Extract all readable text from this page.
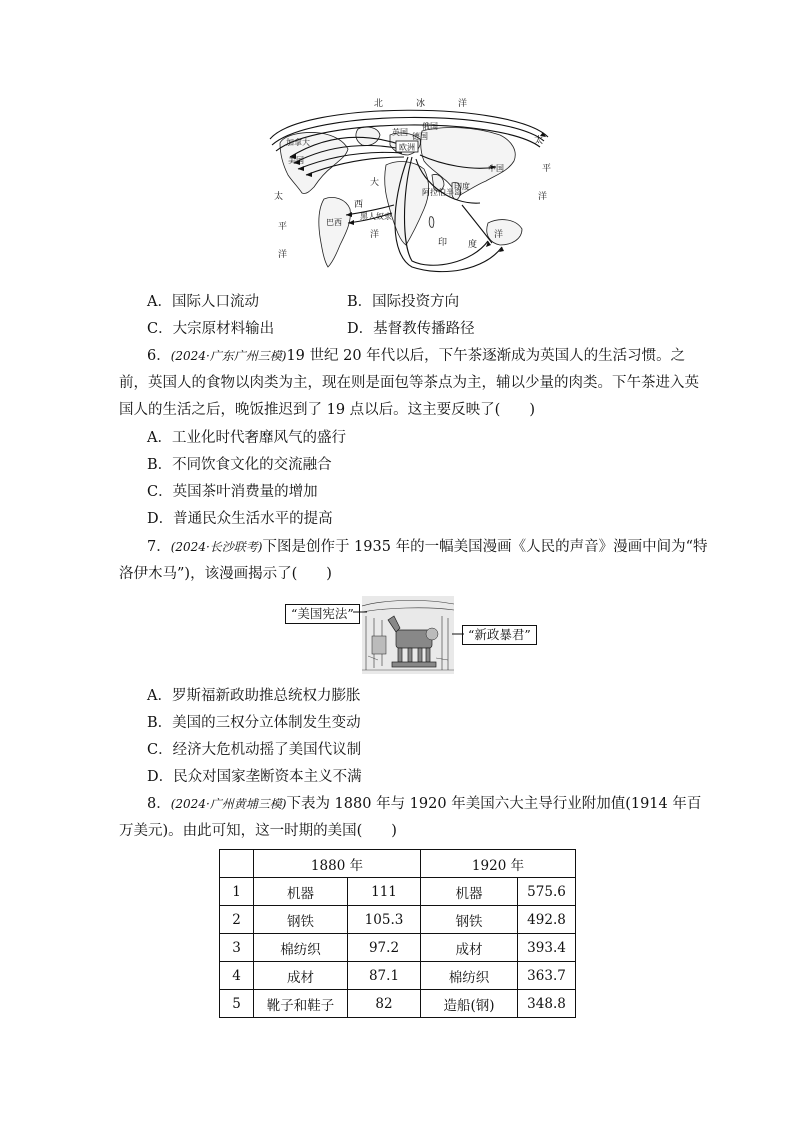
欧洲
北	冰	洋
太
平
洋
太
平
洋
大
西
洋
印 度
洋
加拿大
美国
英国
俄国
德国
巴西
印度
中国
阿拉伯半岛
黑人奴隶
A．国际人口流动	B．国际投资方向
C．大宗原材料输出	D．基督教传播路径
6．(2024·广东广州三模)19 世纪 20 年代以后，下午茶逐渐成为英国人的生活习惯。之
前，英国人的食物以肉类为主，现在则是面包等茶点为主，辅以少量的肉类。下午茶进入英
国人的生活之后，晚饭推迟到了 19 点以后。这主要反映了(　　)
A．工业化时代奢靡风气的盛行
B．不同饮食文化的交流融合
C．英国茶叶消费量的增加
D．普通民众生活水平的提高
7．(2024·长沙联考)下图是创作于 1935 年的一幅美国漫画《人民的声音》漫画中间为“特
洛伊木马”)，该漫画揭示了(　　)
“美国宪法”
“新政暴君”
A．罗斯福新政助推总统权力膨胀
B．美国的三权分立体制发生变动
C．经济大危机动摇了美国代议制
D．民众对国家垄断资本主义不满
8．(2024·广州黄埔三模)下表为 1880 年与 1920 年美国六大主导行业附加值(1914 年百
万美元)。由此可知，这一时期的美国(　　)
	1880 年		1920 年	
1	机器	111	机器	575.6
2	钢铁	105.3	钢铁	492.8
3	棉纺织	97.2	成材	393.4
4	成材	87.1	棉纺织	363.7
5	靴子和鞋子	82	造船(钢)	348.8
